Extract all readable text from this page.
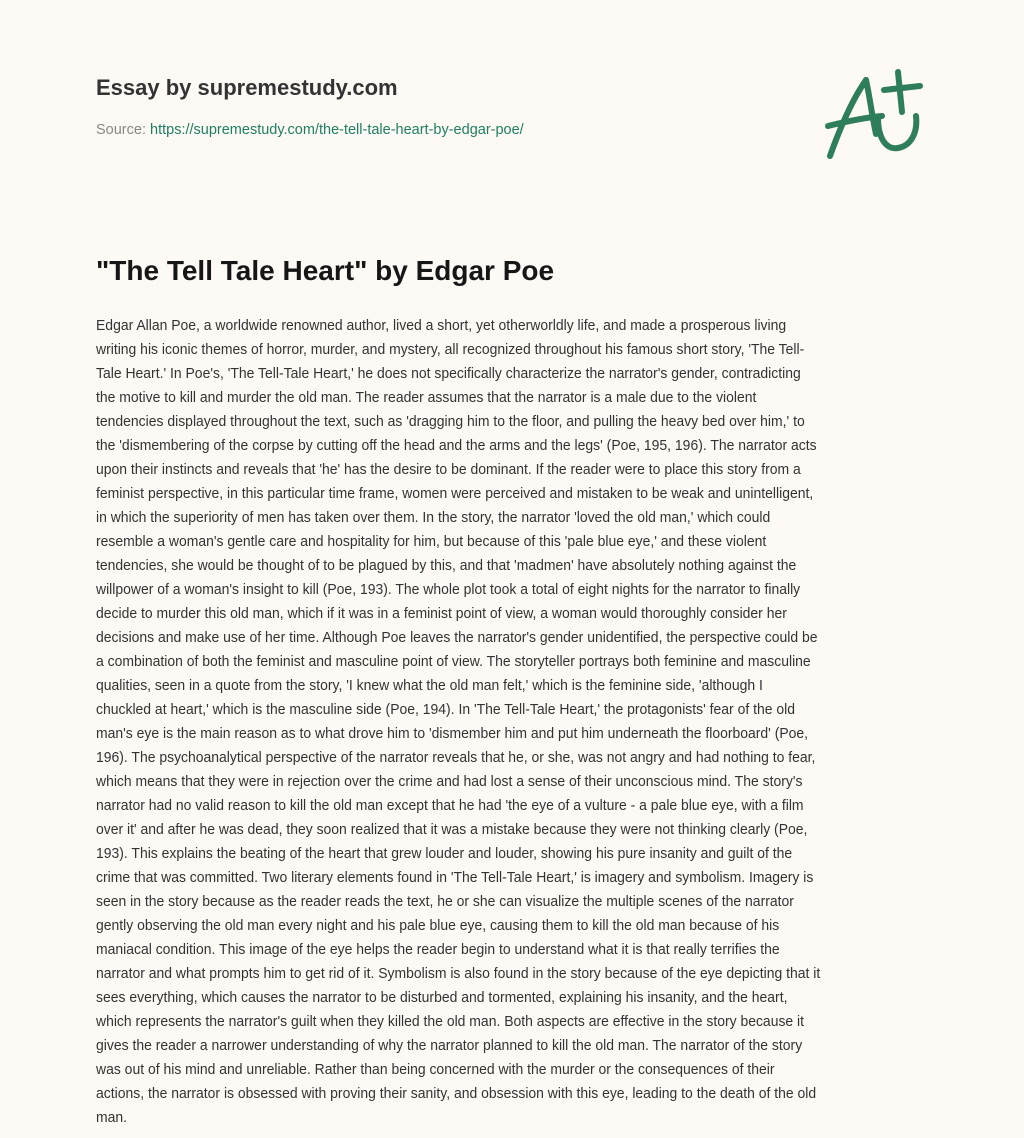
Essay by supremestudy.com
Source: https://supremestudy.com/the-tell-tale-heart-by-edgar-poe/
"The Tell Tale Heart" by Edgar Poe
Edgar Allan Poe, a worldwide renowned author, lived a short, yet otherworldly life, and made a prosperous living
writing his iconic themes of horror, murder, and mystery, all recognized throughout his famous short story, 'The Tell-
Tale Heart.' In Poe's, 'The Tell-Tale Heart,' he does not specifically characterize the narrator's gender, contradicting
the motive to kill and murder the old man. The reader assumes that the narrator is a male due to the violent
tendencies displayed throughout the text, such as 'dragging him to the floor, and pulling the heavy bed over him,' to
the 'dismembering of the corpse by cutting off the head and the arms and the legs' (Poe, 195, 196). The narrator acts
upon their instincts and reveals that 'he' has the desire to be dominant. If the reader were to place this story from a
feminist perspective, in this particular time frame, women were perceived and mistaken to be weak and unintelligent,
in which the superiority of men has taken over them. In the story, the narrator 'loved the old man,' which could
resemble a woman's gentle care and hospitality for him, but because of this 'pale blue eye,' and these violent
tendencies, she would be thought of to be plagued by this, and that 'madmen' have absolutely nothing against the
willpower of a woman's insight to kill (Poe, 193). The whole plot took a total of eight nights for the narrator to finally
decide to murder this old man, which if it was in a feminist point of view, a woman would thoroughly consider her
decisions and make use of her time. Although Poe leaves the narrator's gender unidentified, the perspective could be
a combination of both the feminist and masculine point of view. The storyteller portrays both feminine and masculine
qualities, seen in a quote from the story, 'I knew what the old man felt,' which is the feminine side, 'although I
chuckled at heart,' which is the masculine side (Poe, 194). In 'The Tell-Tale Heart,' the protagonists' fear of the old
man's eye is the main reason as to what drove him to 'dismember him and put him underneath the floorboard' (Poe,
196). The psychoanalytical perspective of the narrator reveals that he, or she, was not angry and had nothing to fear,
which means that they were in rejection over the crime and had lost a sense of their unconscious mind. The story's
narrator had no valid reason to kill the old man except that he had 'the eye of a vulture - a pale blue eye, with a film
over it' and after he was dead, they soon realized that it was a mistake because they were not thinking clearly (Poe,
193). This explains the beating of the heart that grew louder and louder, showing his pure insanity and guilt of the
crime that was committed. Two literary elements found in 'The Tell-Tale Heart,' is imagery and symbolism. Imagery is
seen in the story because as the reader reads the text, he or she can visualize the multiple scenes of the narrator
gently observing the old man every night and his pale blue eye, causing them to kill the old man because of his
maniacal condition. This image of the eye helps the reader begin to understand what it is that really terrifies the
narrator and what prompts him to get rid of it. Symbolism is also found in the story because of the eye depicting that it
sees everything, which causes the narrator to be disturbed and tormented, explaining his insanity, and the heart,
which represents the narrator's guilt when they killed the old man. Both aspects are effective in the story because it
gives the reader a narrower understanding of why the narrator planned to kill the old man. The narrator of the story
was out of his mind and unreliable. Rather than being concerned with the murder or the consequences of their
actions, the narrator is obsessed with proving their sanity, and obsession with this eye, leading to the death of the old
man.
